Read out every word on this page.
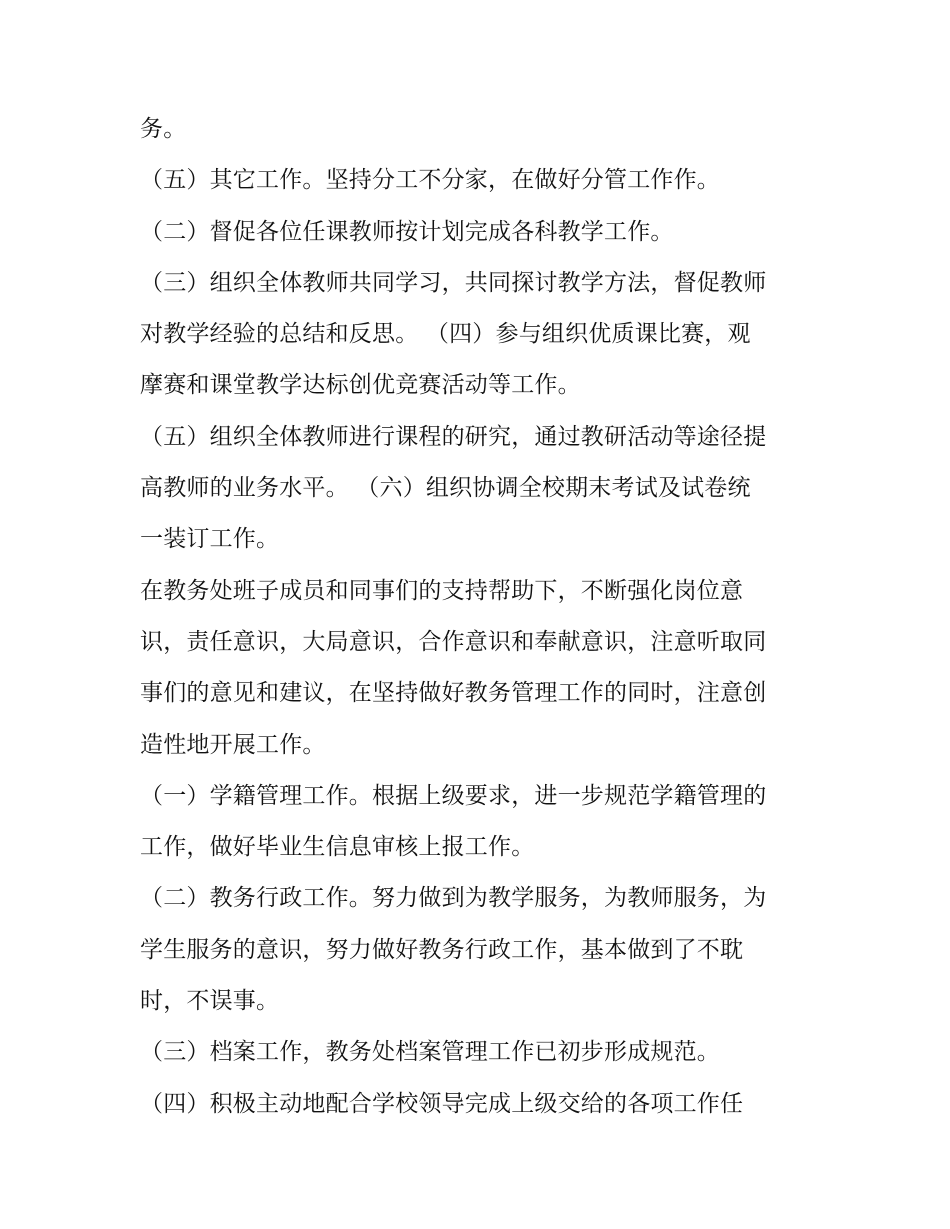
务。
（五）其它工作。坚持分工不分家，在做好分管工作作。
（二）督促各位任课教师按计划完成各科教学工作。
（三）组织全体教师共同学习，共同探讨教学方法，督促教师
对教学经验的总结和反思。 （四）参与组织优质课比赛，观
摩赛和课堂教学达标创优竞赛活动等工作。
（五）组织全体教师进行课程的研究，通过教研活动等途径提
高教师的业务水平。 （六）组织协调全校期末考试及试卷统
一装订工作。
在教务处班子成员和同事们的支持帮助下，不断强化岗位意
识，责任意识，大局意识，合作意识和奉献意识，注意听取同
事们的意见和建议，在坚持做好教务管理工作的同时，注意创
造性地开展工作。
（一）学籍管理工作。根据上级要求，进一步规范学籍管理的
工作，做好毕业生信息审核上报工作。
（二）教务行政工作。努力做到为教学服务，为教师服务，为
学生服务的意识，努力做好教务行政工作，基本做到了不耽
时，不误事。
（三）档案工作，教务处档案管理工作已初步形成规范。
（四）积极主动地配合学校领导完成上级交给的各项工作任
